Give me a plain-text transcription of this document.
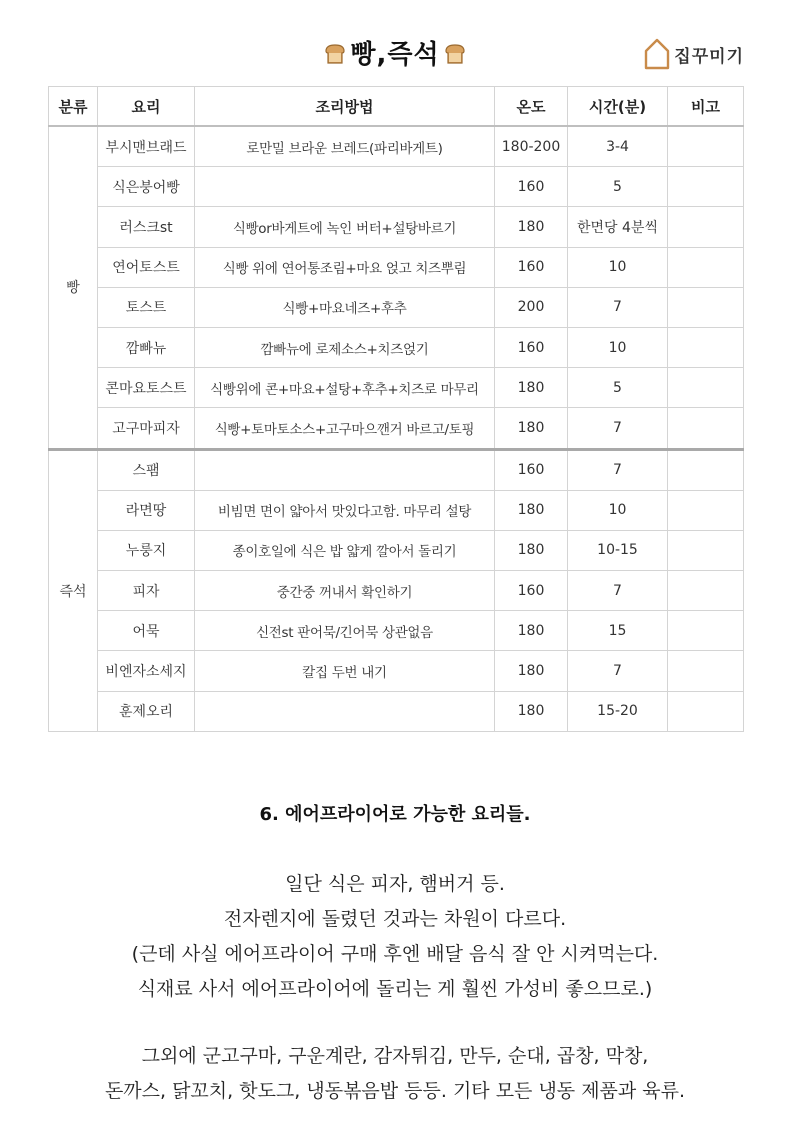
빵,즉석	집꾸미기
분류	요리	조리방법	온도	시간(분)	비고
빵	부시맨브래드	로만밀 브라운 브레드(파리바게트)	180-200	3-4	
	식은붕어빵		160	5	
	러스크st	식빵or바게트에 녹인 버터+설탕바르기	180	한면당 4분씩	
	연어토스트	식빵 위에 연어통조림+마요 얹고 치즈뿌림	160	10	
	토스트	식빵+마요네즈+후추	200	7	
	깜빠뉴	깜빠뉴에 로제소스+치즈얹기	160	10	
	콘마요토스트	식빵위에 콘+마요+설탕+후추+치즈로 마무리	180	5	
	고구마피자	식빵+토마토소스+고구마으깬거 바르고/토핑	180	7	
즉석	스팸		160	7	
	라면땅	비빔면 면이 얇아서 맛있다고함. 마무리 설탕	180	10	
	누룽지	종이호일에 식은 밥 얇게 깔아서 돌리기	180	10-15	
	피자	중간중 꺼내서 확인하기	160	7	
	어묵	신전st 판어묵/긴어묵 상관없음	180	15	
	비엔자소세지	칼집 두번 내기	180	7	
	훈제오리		180	15-20	
6. 에어프라이어로 가능한 요리들.
일단 식은 피자, 햄버거 등.
전자렌지에 돌렸던 것과는 차원이 다르다.
(근데 사실 에어프라이어 구매 후엔 배달 음식 잘 안 시켜먹는다.
식재료 사서 에어프라이어에 돌리는 게 훨씬 가성비 좋으므로.)
그외에 군고구마, 구운계란, 감자튀김, 만두, 순대, 곱창, 막창,
돈까스, 닭꼬치, 핫도그, 냉동볶음밥 등등. 기타 모든 냉동 제품과 육류.
